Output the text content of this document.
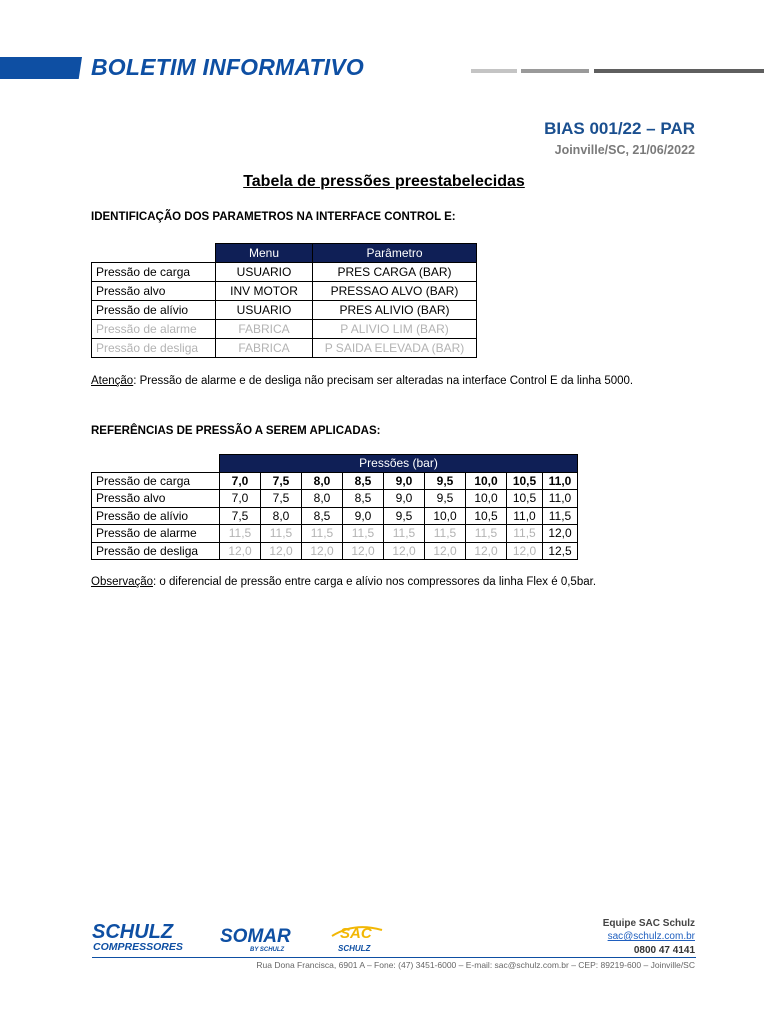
BOLETIM INFORMATIVO
BIAS 001/22 – PAR
Joinville/SC, 21/06/2022
Tabela de pressões preestabelecidas
IDENTIFICAÇÃO DOS PARAMETROS NA INTERFACE CONTROL E:
	Menu	Parâmetro
Pressão de carga	USUARIO	PRES CARGA (BAR)
Pressão alvo	INV MOTOR	PRESSAO ALVO (BAR)
Pressão de alívio	USUARIO	PRES ALIVIO (BAR)
Pressão de alarme	FABRICA	P ALIVIO LIM (BAR)
Pressão de desliga	FABRICA	P SAIDA ELEVADA (BAR)
Atenção: Pressão de alarme e de desliga não precisam ser alteradas na interface Control E da linha 5000.
REFERÊNCIAS DE PRESSÃO A SEREM APLICADAS:
	Pressões (bar)								
Pressão de carga	7,0	7,5	8,0	8,5	9,0	9,5	10,0	10,5	11,0
Pressão alvo	7,0	7,5	8,0	8,5	9,0	9,5	10,0	10,5	11,0
Pressão de alívio	7,5	8,0	8,5	9,0	9,5	10,0	10,5	11,0	11,5
Pressão de alarme	11,5	11,5	11,5	11,5	11,5	11,5	11,5	11,5	12,0
Pressão de desliga	12,0	12,0	12,0	12,0	12,0	12,0	12,0	12,0	12,5
Observação: o diferencial de pressão entre carga e alívio nos compressores da linha Flex é 0,5bar.
SCHULZ
COMPRESSORES SOMAR
BY SCHULZ
SAC
SCHULZ
Equipe SAC Schulz
sac@schulz.com.br
0800 47 4141
Rua Dona Francisca, 6901 A – Fone: (47) 3451-6000 – E-mail: sac@schulz.com.br – CEP: 89219-600 – Joinville/SC
